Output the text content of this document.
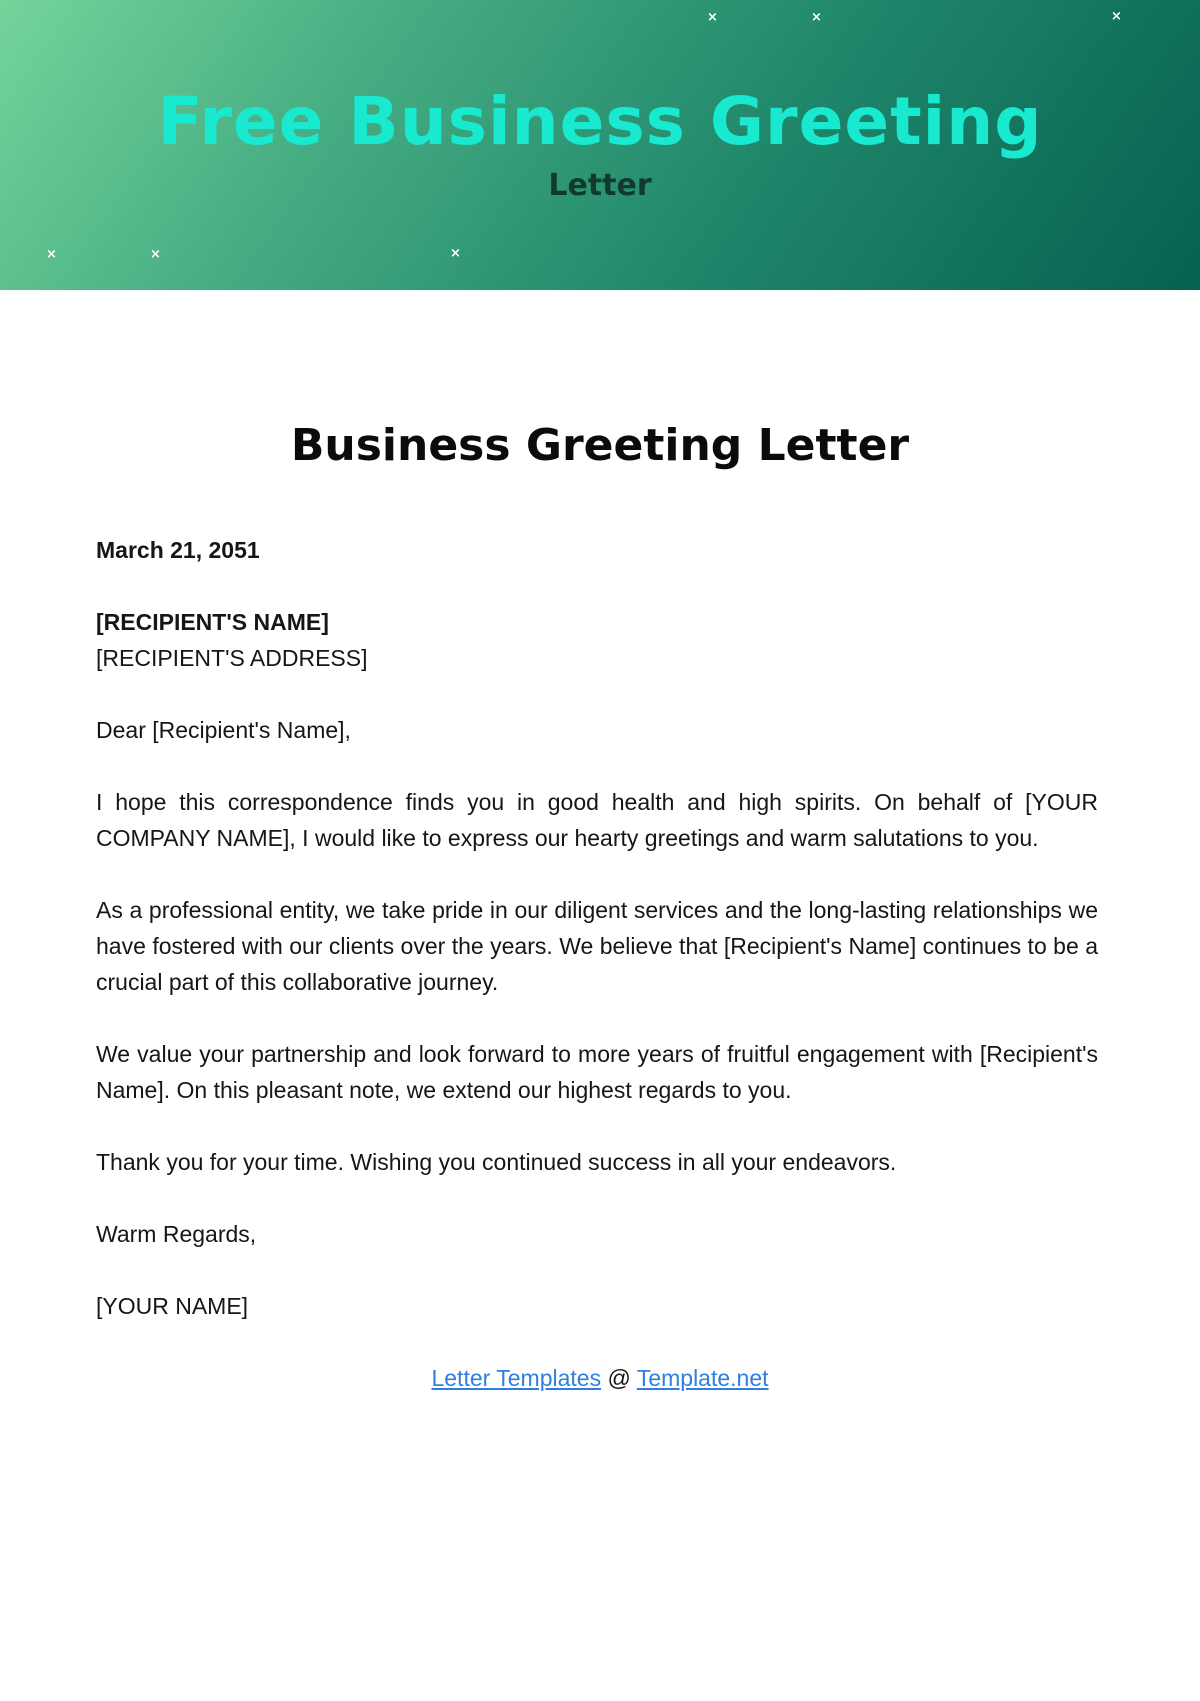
×	×	×
×	×	×
Free Business Greeting
Letter
Business Greeting Letter

March 21, 2051

[RECIPIENT'S NAME]

[RECIPIENT'S ADDRESS]

Dear [Recipient's Name],

I hope this correspondence finds you in good health and high spirits. On behalf of [YOUR COMPANY NAME], I would like to express our hearty greetings and warm salutations to you.

As a professional entity, we take pride in our diligent services and the long-lasting relationships we have fostered with our clients over the years. We believe that [Recipient's Name] continues to be a crucial part of this collaborative journey.

We value your partnership and look forward to more years of fruitful engagement with [Recipient's Name]. On this pleasant note, we extend our highest regards to you.

Thank you for your time. Wishing you continued success in all your endeavors.

Warm Regards,

[YOUR NAME]

Letter Templates @ Template.net
